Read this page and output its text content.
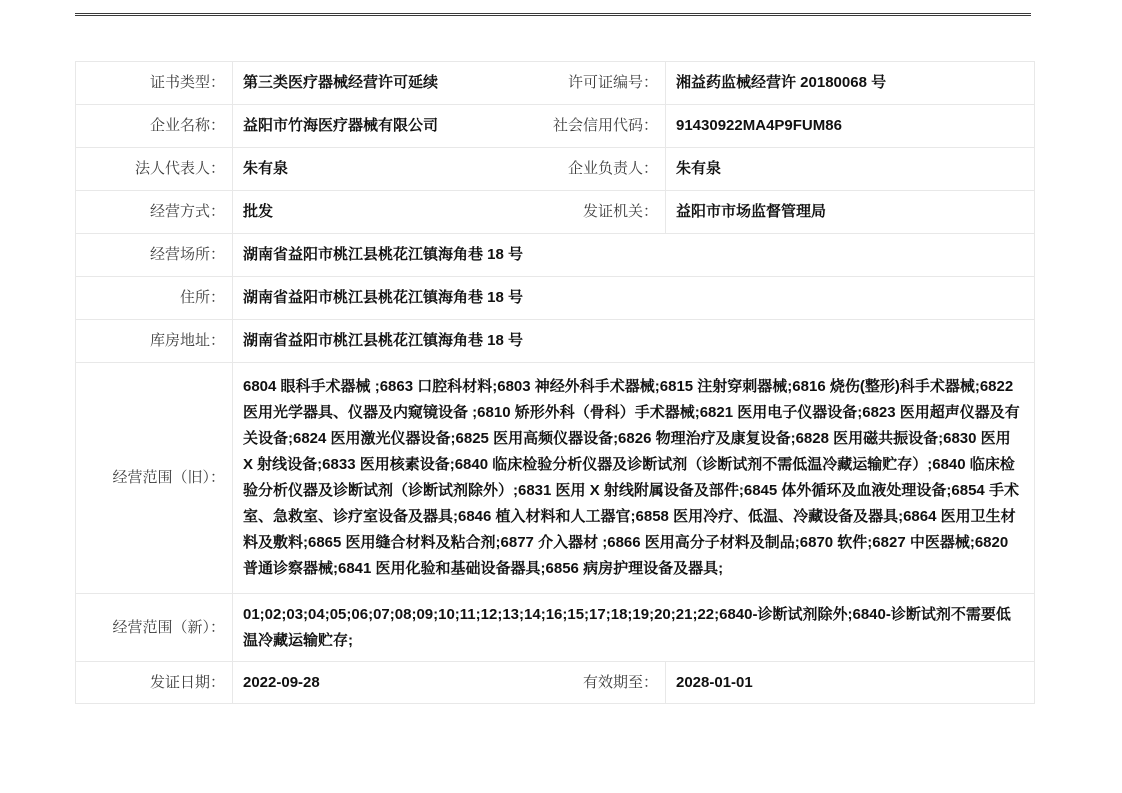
证书类型：	第三类医疗器械经营许可延续	许可证编号：	湘益药监械经营许 20180068 号
企业名称：	益阳市竹海医疗器械有限公司	社会信用代码：	91430922MA4P9FUM86
法人代表人：	朱有泉	企业负责人：	朱有泉
经营方式：	批发	发证机关：	益阳市市场监督管理局
经营场所：	湖南省益阳市桃江县桃花江镇海角巷 18 号
住所：	湖南省益阳市桃江县桃花江镇海角巷 18 号
库房地址：	湖南省益阳市桃江县桃花江镇海角巷 18 号
经营范围（旧）：
6804 眼科手术器械 ;6863 口腔科材料;6803 神经外科手术器械;6815 注射穿刺器械;6816 烧伤(整形)科手术器械;6822 医用光学器具、仪器及内窥镜设备 ;6810 矫形外科（骨科）手术器械;6821 医用电子仪器设备;6823 医用超声仪器及有关设备;6824 医用激光仪器设备;6825 医用高频仪器设备;6826 物理治疗及康复设备;6828 医用磁共振设备;6830 医用 X 射线设备;6833 医用核素设备;6840 临床检验分析仪器及诊断试剂（诊断试剂不需低温冷藏运输贮存）;6840 临床检验分析仪器及诊断试剂（诊断试剂除外）;6831 医用 X 射线附属设备及部件;6845 体外循环及血液处理设备;6854 手术室、急救室、诊疗室设备及器具;6846 植入材料和人工器官;6858 医用冷疗、低温、冷藏设备及器具;6864 医用卫生材料及敷料;6865 医用缝合材料及粘合剂;6877 介入器材 ;6866 医用高分子材料及制品;6870 软件;6827 中医器械;6820 普通诊察器械;6841 医用化验和基础设备器具;6856 病房护理设备及器具;
经营范围（新）：
01;02;03;04;05;06;07;08;09;10;11;12;13;14;16;15;17;18;19;20;21;22;6840-诊断试剂除外;6840-诊断试剂不需要低温冷藏运输贮存;
发证日期：	2022-09-28	有效期至：	2028-01-01
